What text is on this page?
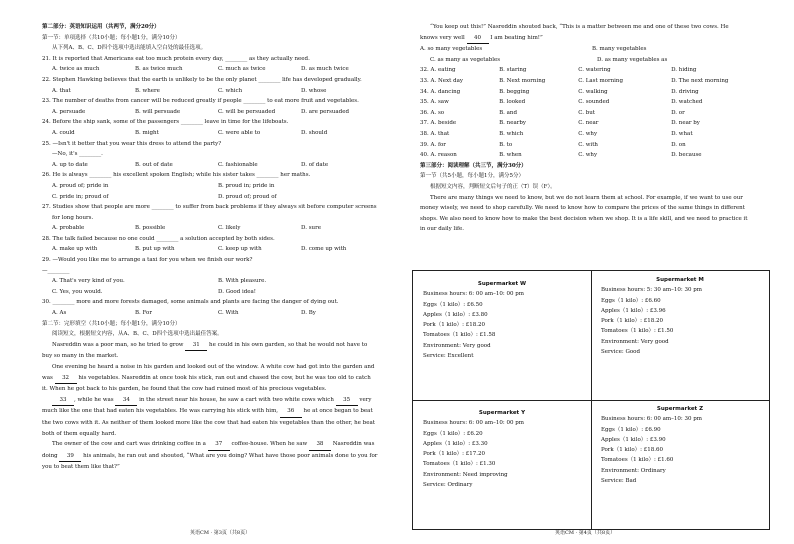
第二部分：英语知识运用（共两节，满分20分）
第一节：单项选择（共10小题；每小题1分，满分10分）
从下列A、B、C、D四个选项中选出能填入空白处的最佳选项。
21. It is reported that Americans eat too much protein every day, ________ as they actually need.
A. twice as much	B. as twice much	C. much as twice	D. as much twice
22. Stephen Hawking believes that the earth is unlikely to be the only planet ________ life has developed gradually.
A. that	B. where	C. which	D. whose
23. The number of deaths from cancer will be reduced greatly if people ________ to eat more fruit and vegetables.
A. persuade	B. will persuade	C. will be persuaded	D. are persuaded
24. Before the ship sank, some of the passengers ________ leave in time for the lifeboats.
A. could	B. might	C. were able to	D. should
25. —Isn't it better that you wear this dress to attend the party?
—No, it's ________.
A. up to date	B. out of date	C. fashionable	D. of date
26. He is always ________ his excellent spoken English; while his sister takes ________ her maths.
A. proud of; pride in	B. proud in; pride in
C. pride in; proud of	D. proud of; proud of
27. Studies show that people are more ________ to suffer from back problems if they always sit before computer screens
for long hours.
A. probable	B. possible	C. likely	D. sure
28. The talk failed because no one could ________ a solution accepted by both sides.
A. make up with	B. put up with	C. keep up with	D. come up with
29. —Would you like me to arrange a taxi for you when we finish our work?
—________
A. That's very kind of you.	B. With pleasure.
C. Yes, you would.	D. Good idea!
30. ________ more and more forests damaged, some animals and plants are facing the danger of dying out.
A. As	B. For	C. With	D. By
第二节：完形填空（共10小题；每小题1分，满分10分）
阅读短文，根据短文内容，从A、B、C、D四个选项中选出最佳答案。
Nasreddin was a poor man, so he tried to grow 31 he could in his own garden, so that he would not have to
buy so many in the market.
One evening he heard a noise in his garden and looked out of the window. A white cow had got into the garden and
was 32 his vegetables. Nasreddin at once took his stick, ran out and chased the cow, but he was too old to catch
it. When he got back to his garden, he found that the cow had ruined most of his precious vegetables.
33 , while he was 34 in the street near his house, he saw a cart with two white cows which 35 very
much like the one that had eaten his vegetables. He was carrying his stick with him, 36 he at once began to beat
the two cows with it. As neither of them looked more like the cow that had eaten his vegetables than the other, he beat
both of them equally hard.
The owner of the cow and cart was drinking coffee in a 37 coffee-house. When he saw 38 Nasreddin was
doing 39 his animals, he ran out and shouted, “What are you doing? What have those poor animals done to you for
you to beat them like that?”
英语CM · 第3页（共8页）
“You keep out this!” Nasreddin shouted back, “This is a matter between me and one of these two cows. He
knows very well 40 I am beating him!”
A. so many vegetables	B. many vegetables
C. as many as vegetables	D. as many vegetables as
32. A. eating	B. staring	C. watering	D. hiding
33. A. Next day	B. Next morning	C. Last morning	D. The next morning
34. A. dancing	B. begging	C. walking	D. driving
35. A. saw	B. looked	C. sounded	D. watched
36. A. so	B. and	C. but	D. or
37. A. beside	B. nearby	C. near	D. near by
38. A. that	B. which	C. why	D. what
39. A. for	B. to	C. with	D. on
40. A. reason	B. when	C. why	D. because
第三部分：阅读理解（共三节，满分30分）
第一节（共5小题，每小题1分，满分5分）
根据短文内容，判断短文后句子的正（T）误（F）。
There are many things we need to know, but we do not learn them at school. For example, if we want to use our
money wisely, we need to shop carefully. We need to know how to compare the prices of the same things in different
shops. We also need to know how to make the best decision when we shop. It is a life skill, and we need to practice it
in our daily life.
Supermarket W
Business hours: 6: 00 am–10: 00 pm
Eggs（1 kilo）: £6.50
Apples（1 kilo）: £3.80
Pork（1 kilo）: £18.20
Tomatoes（1 kilo）: £1.58
Environment: Very good
Service: Excellent
Supermarket M
Business hours: 5: 30 am–10: 30 pm
Eggs（1 kilo）: £6.60
Apples（1 kilo）: £3.96
Pork（1 kilo）: £18.20
Tomatoes（1 kilo）: £1.50
Environment: Very good
Service: Good
Supermarket Y
Business hours: 6: 00 am–10: 00 pm
Eggs（1 kilo）: £6.20
Apples（1 kilo）: £3.30
Pork（1 kilo）: £17.20
Tomatoes（1 kilo）: £1.30
Environment: Need improving
Service: Ordinary
Supermarket Z
Business hours: 6: 00 am–10: 30 pm
Eggs（1 kilo）: £6.90
Apples（1 kilo）: £3.90
Pork（1 kilo）: £18.60
Tomatoes（1 kilo）: £1.60
Environment: Ordinary
Service: Bad
英语CM · 第4页（共8页）
